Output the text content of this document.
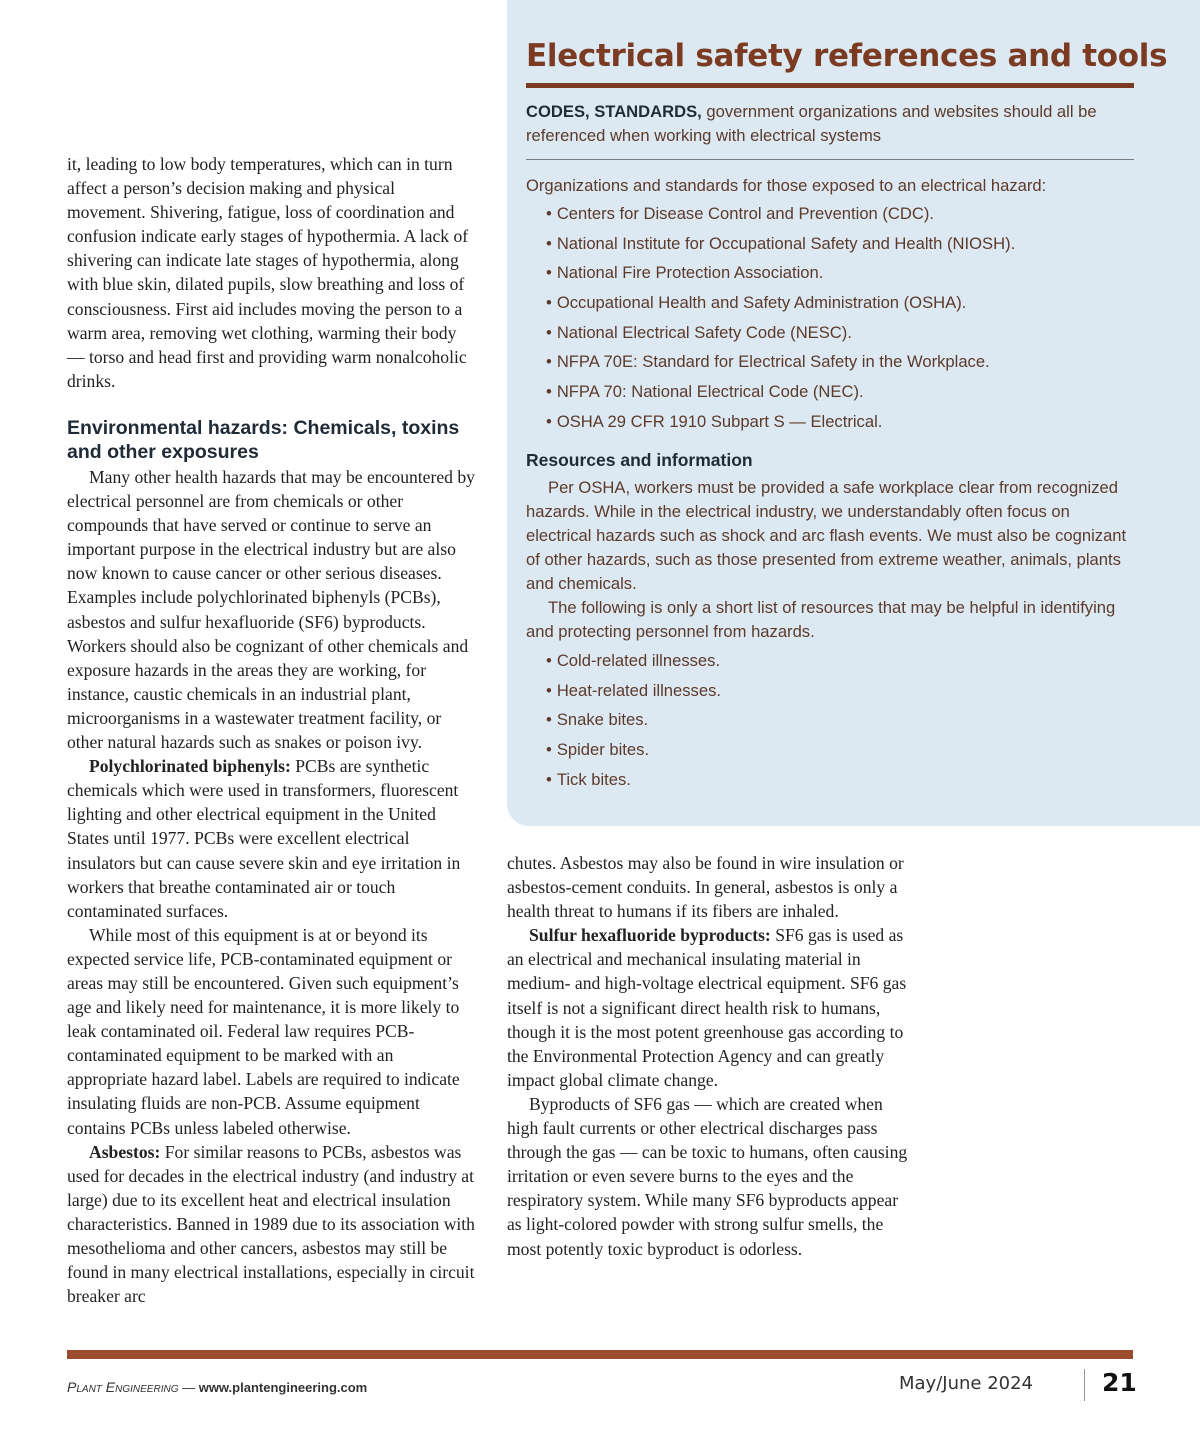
Electrical safety references and tools
CODES, STANDARDS, government organizations and websites should all be referenced when working with electrical systems
Organizations and standards for those exposed to an electrical hazard:
• Centers for Disease Control and Prevention (CDC).
• National Institute for Occupational Safety and Health (NIOSH).
• National Fire Protection Association.
• Occupational Health and Safety Administration (OSHA).
• National Electrical Safety Code (NESC).
• NFPA 70E: Standard for Electrical Safety in the Workplace.
• NFPA 70: National Electrical Code (NEC).
• OSHA 29 CFR 1910 Subpart S — Electrical.
Resources and information

Per OSHA, workers must be provided a safe workplace clear from recognized hazards. While in the electrical industry, we understandably often focus on electrical hazards such as shock and arc flash events. We must also be cognizant of other hazards, such as those presented from extreme weather, animals, plants and chemicals.

The following is only a short list of resources that may be helpful in identifying and protecting personnel from hazards.

• Cold-related illnesses.
• Heat-related illnesses.
• Snake bites.
• Spider bites.
• Tick bites.

it, leading to low body temperatures, which can in turn affect a person’s decision making and physical movement. Shivering, fatigue, loss of coordination and confusion indicate early stages of hypothermia. A lack of shivering can indicate late stages of hypothermia, along with blue skin, dilated pupils, slow breathing and loss of consciousness. First aid includes moving the person to a warm area, removing wet clothing, warming their body — torso and head first and providing warm nonalcoholic drinks.

Environmental hazards: Chemicals, toxins and other exposures

Many other health hazards that may be encountered by electrical personnel are from chemicals or other compounds that have served or continue to serve an important purpose in the electrical industry but are also now known to cause cancer or other serious diseases. Examples include polychlorinated biphenyls (PCBs), asbestos and sulfur hexafluoride (SF6) byproducts. Workers should also be cognizant of other chemicals and exposure hazards in the areas they are working, for instance, caustic chemicals in an industrial plant, microorganisms in a wastewater treatment facility, or other natural hazards such as snakes or poison ivy.

Polychlorinated biphenyls: PCBs are synthetic chemicals which were used in transformers, fluorescent lighting and other electrical equipment in the United States until 1977. PCBs were excellent electrical insulators but can cause severe skin and eye irritation in workers that breathe contaminated air or touch contaminated surfaces.

While most of this equipment is at or beyond its expected service life, PCB-contaminated equipment or areas may still be encountered. Given such equipment’s age and likely need for maintenance, it is more likely to leak contaminated oil. Federal law requires PCB-contaminated equipment to be marked with an appropriate hazard label. Labels are required to indicate insulating fluids are non-PCB. Assume equipment contains PCBs unless labeled otherwise.

Asbestos: For similar reasons to PCBs, asbestos was used for decades in the electrical industry (and industry at large) due to its excellent heat and electrical insulation characteristics. Banned in 1989 due to its association with mesothelioma and other cancers, asbestos may still be found in many electrical installations, especially in circuit breaker arc

chutes. Asbestos may also be found in wire insulation or asbestos-cement conduits. In general, asbestos is only a health threat to humans if its fibers are inhaled.

Sulfur hexafluoride byproducts: SF6 gas is used as an electrical and mechanical insulating material in medium- and high-voltage electrical equipment. SF6 gas itself is not a significant direct health risk to humans, though it is the most potent greenhouse gas according to the Environmental Protection Agency and can greatly impact global climate change.

Byproducts of SF6 gas — which are created when high fault currents or other electrical discharges pass through the gas — can be toxic to humans, often causing irritation or even severe burns to the eyes and the respiratory system. While many SF6 byproducts appear as light-colored powder with strong sulfur smells, the most potently toxic byproduct is odorless.

Plant Engineering — www.plantengineering.com	May/June 2024	21
